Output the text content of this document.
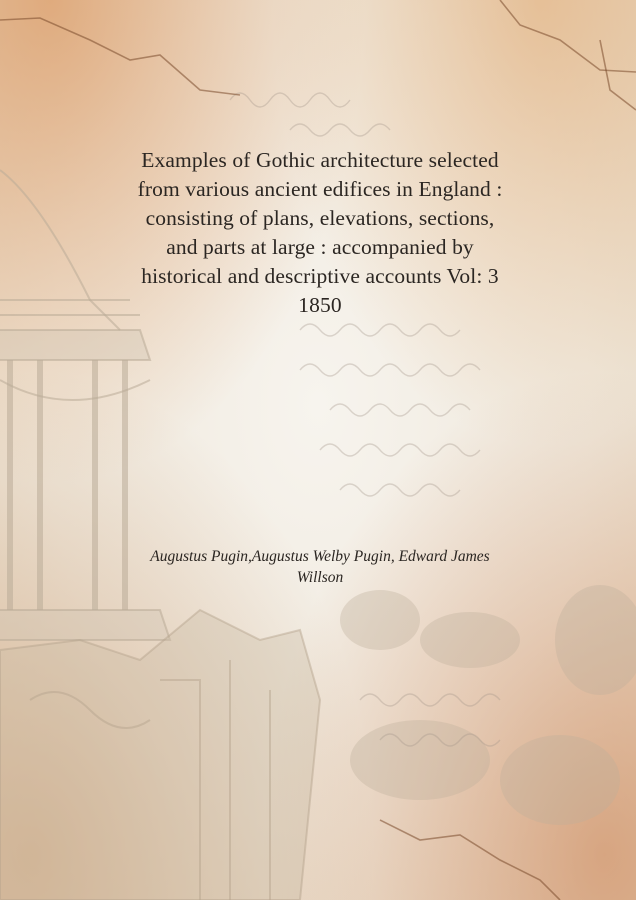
Examples of Gothic architecture selected
from various ancient edifices in England :
consisting of plans, elevations, sections,
and parts at large : accompanied by
historical and descriptive accounts Vol: 3
1850
Augustus Pugin,Augustus Welby Pugin, Edward James
Willson
